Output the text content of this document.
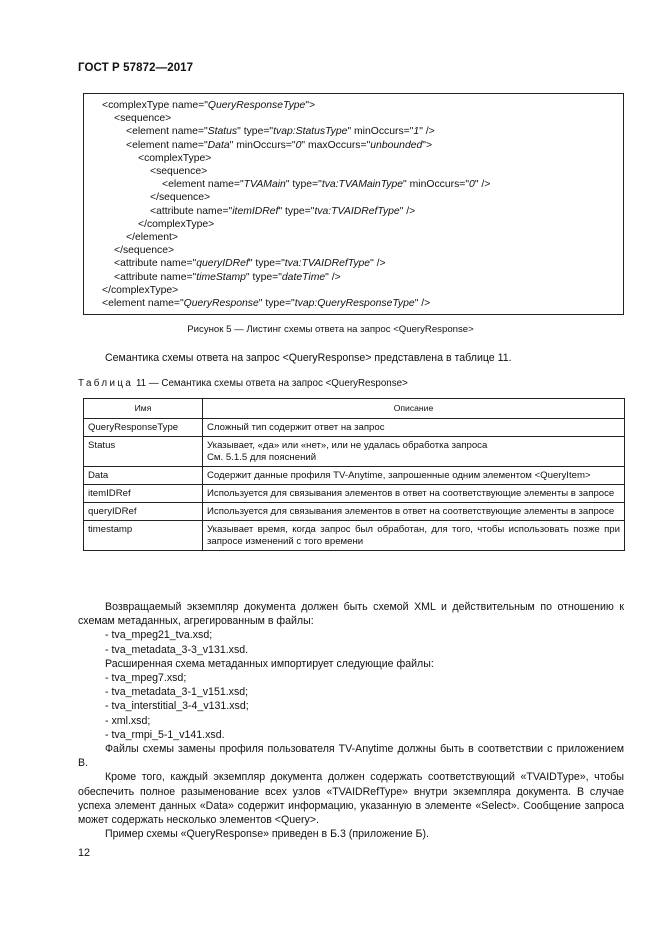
ГОСТ Р 57872—2017
<complexType name="QueryResponseType">
<sequence>
<element name="Status" type="tvap:StatusType" minOccurs="1" />
<element name="Data" minOccurs="0" maxOccurs="unbounded">
<complexType>
<sequence>
<element name="TVAMain" type="tva:TVAMainType" minOccurs="0" />
</sequence>
<attribute name="itemIDRef" type="tva:TVAIDRefType" />
</complexType>
</element>
</sequence>
<attribute name="queryIDRef" type="tva:TVAIDRefType" />
<attribute name="timeStamp" type="dateTime" />
</complexType>
<element name="QueryResponse" type="tvap:QueryResponseType" />
Рисунок 5 — Листинг схемы ответа на запрос <QueryResponse>
Семантика схемы ответа на запрос <QueryResponse> представлена в таблице 11.
Таблица 11 — Семантика схемы ответа на запрос <QueryResponse>
Имя	Описание
QueryResponseType	Сложный тип содержит ответ на запрос

Status	Указывает, «да» или «нет», или не удалась обработка запроса
См. 5.1.5 для пояснений

Data	Содержит данные профиля TV-Anytime, запрошенные одним элементом <QueryItem>

itemIDRef	Используется для связывания элементов в ответ на соответствующие элементы в запросе

queryIDRef	Используется для связывания элементов в ответ на соответствующие элементы в запросе

timestamp	Указывает время, когда запрос был обработан, для того, чтобы использовать позже при запросе изменений с того времени

Возвращаемый экземпляр документа должен быть схемой XML и действительным по отношению к схемам метаданных, агрегированным в файлы:

- tva_mpeg21_tva.xsd;

- tva_metadata_3-3_v131.xsd.

Расширенная схема метаданных импортирует следующие файлы:

- tva_mpeg7.xsd;

- tva_metadata_3-1_v151.xsd;

- tva_interstitial_3-4_v131.xsd;

- xml.xsd;

- tva_rmpi_5-1_v141.xsd.

Файлы схемы замены профиля пользователя TV-Anytime должны быть в соответствии с приложением В.

Кроме того, каждый экземпляр документа должен содержать соответствующий «TVAIDType», чтобы обеспечить полное разыменование всех узлов «TVAIDRefType» внутри экземпляра документа. В случае успеха элемент данных «Data» содержит информацию, указанную в элементе «Select». Сообщение запроса может содержать несколько элементов <Query>.

Пример схемы «QueryResponse» приведен в Б.3 (приложение Б).

12
